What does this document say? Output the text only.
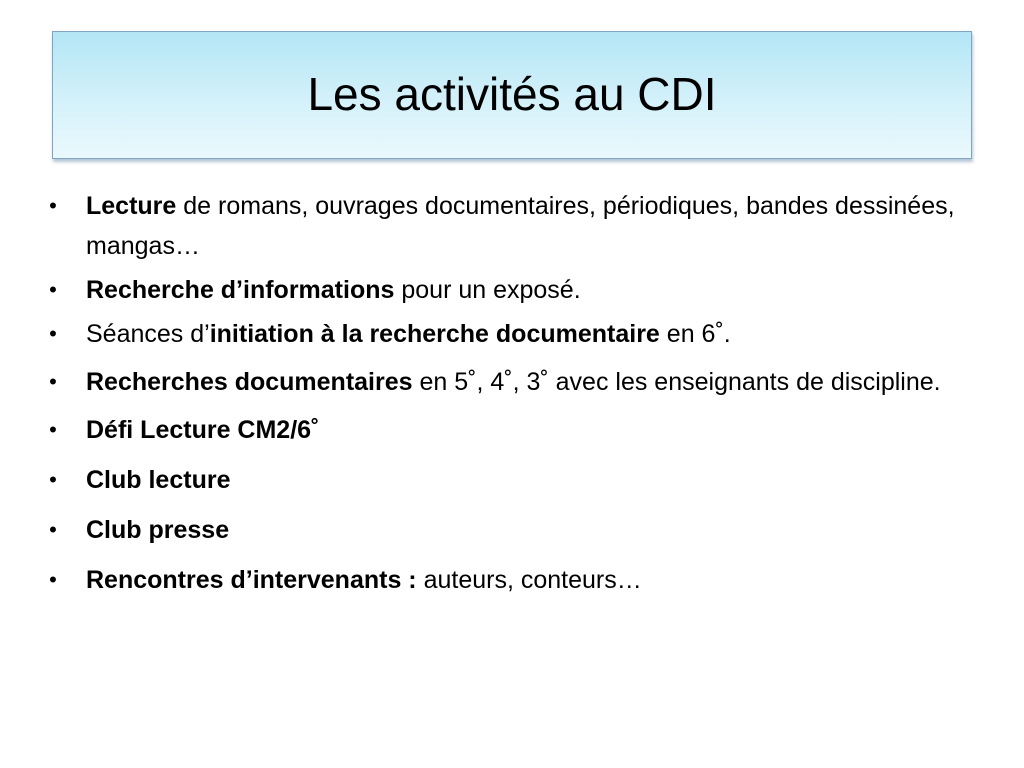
Les activités au CDI
• Lecture de romans, ouvrages documentaires, périodiques, bandes dessinées, mangas…
• Recherche d’informations pour un exposé.
• Séances d’initiation à la recherche documentaire en 6˚.
• Recherches documentaires en 5˚, 4˚, 3˚ avec les enseignants de discipline.
• Défi Lecture CM2/6˚
• Club lecture
• Club presse
• Rencontres d’intervenants : auteurs, conteurs…
